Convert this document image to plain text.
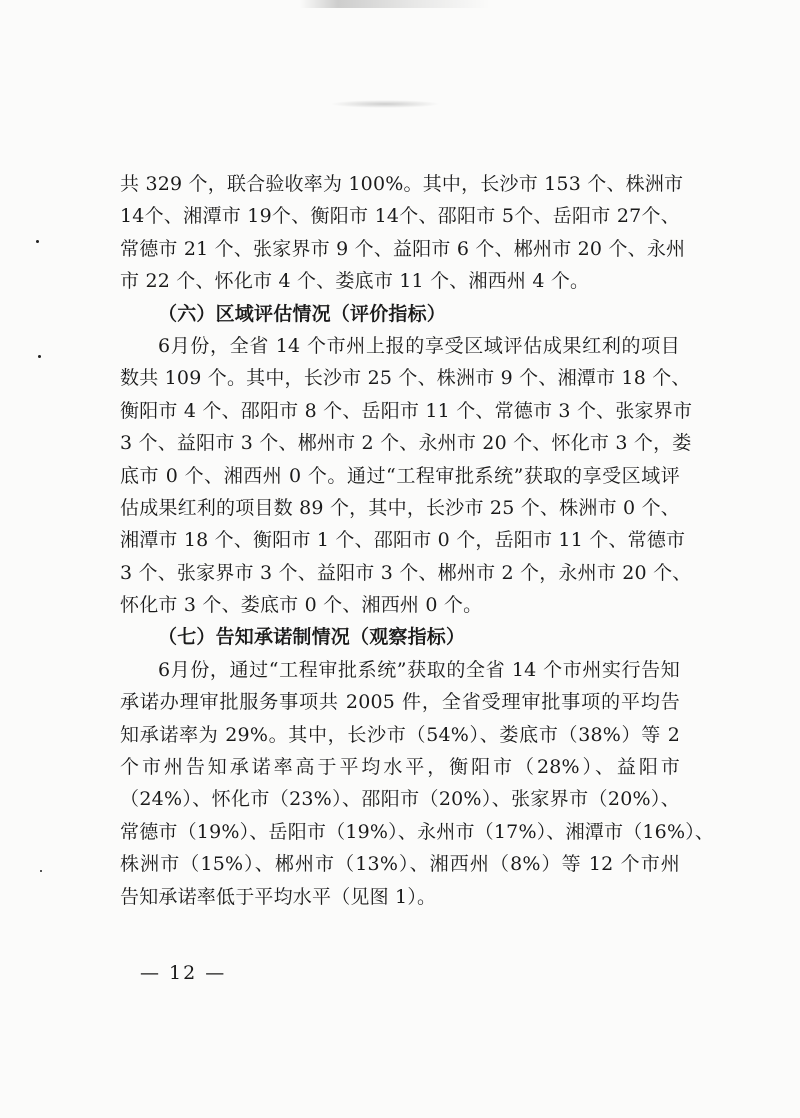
共 329 个，联合验收率为 100%。其中，长沙市 153 个、株洲市
14个、湘潭市 19个、衡阳市 14个、邵阳市 5个、岳阳市 27个、
常德市 21 个、张家界市 9 个、益阳市 6 个、郴州市 20 个、永州
市 22 个、怀化市 4 个、娄底市 11 个、湘西州 4 个。
（六）区域评估情况（评价指标）
6月份，全省 14 个市州上报的享受区域评估成果红利的项目
数共 109 个。其中，长沙市 25 个、株洲市 9 个、湘潭市 18 个、
衡阳市 4 个、邵阳市 8 个、岳阳市 11 个、常德市 3 个、张家界市
3 个、益阳市 3 个、郴州市 2 个、永州市 20 个、怀化市 3 个，娄
底市 0 个、湘西州 0 个。通过“工程审批系统”获取的享受区域评
估成果红利的项目数 89 个，其中，长沙市 25 个、株洲市 0 个、
湘潭市 18 个、衡阳市 1 个、邵阳市 0 个，岳阳市 11 个、常德市
3 个、张家界市 3 个、益阳市 3 个、郴州市 2 个，永州市 20 个、
怀化市 3 个、娄底市 0 个、湘西州 0 个。
（七）告知承诺制情况（观察指标）
6月份，通过“工程审批系统”获取的全省 14 个市州实行告知
承诺办理审批服务事项共 2005 件，全省受理审批事项的平均告
知承诺率为 29%。其中，长沙市（54%）、娄底市（38%）等 2
个市州告知承诺率高于平均水平，衡阳市（28%）、益阳市
（24%）、怀化市（23%）、邵阳市（20%）、张家界市（20%）、
常德市（19%）、岳阳市（19%）、永州市（17%）、湘潭市（16%）、
株洲市（15%）、郴州市（13%）、湘西州（8%）等 12 个市州
告知承诺率低于平均水平（见图 1）。
— 12 —
